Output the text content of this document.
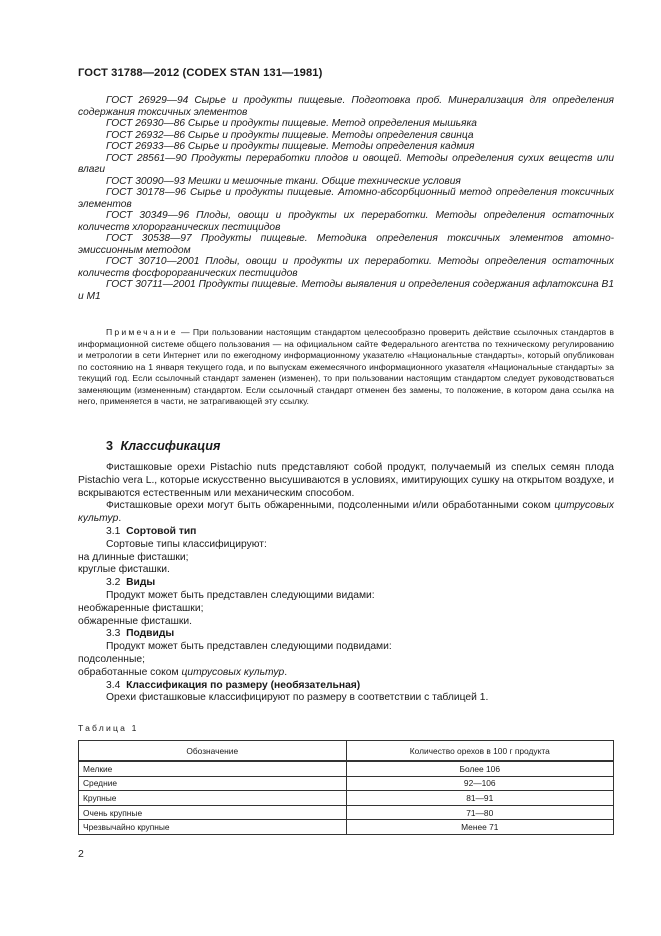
ГОСТ 31788—2012 (CODEX STAN 131—1981)
ГОСТ 26929—94 Сырье и продукты пищевые. Подготовка проб. Минерализация для определения содержания токсичных элементов
ГОСТ 26930—86 Сырье и продукты пищевые. Метод определения мышьяка
ГОСТ 26932—86 Сырье и продукты пищевые. Методы определения свинца
ГОСТ 26933—86 Сырье и продукты пищевые. Методы определения кадмия
ГОСТ 28561—90 Продукты переработки плодов и овощей. Методы определения сухих веществ или влаги
ГОСТ 30090—93 Мешки и мешочные ткани. Общие технические условия
ГОСТ 30178—96 Сырье и продукты пищевые. Атомно-абсорбционный метод определения токсичных элементов
ГОСТ 30349—96 Плоды, овощи и продукты их переработки. Методы определения остаточных количеств хлорорганических пестицидов
ГОСТ 30538—97 Продукты пищевые. Методика определения токсичных элементов атомно-эмиссионным методом
ГОСТ 30710—2001 Плоды, овощи и продукты их переработки. Методы определения остаточных количеств фосфорорганических пестицидов
ГОСТ 30711—2001 Продукты пищевые. Методы выявления и определения содержания афлатоксина В1 и М1
Примечание — При пользовании настоящим стандартом целесообразно проверить действие ссылочных стандартов в информационной системе общего пользования — на официальном сайте Федерального агентства по техническому регулированию и метрологии в сети Интернет или по ежегодному информационному указателю «Национальные стандарты», который опубликован по состоянию на 1 января текущего года, и по выпускам ежемесячного информационного указателя «Национальные стандарты» за текущий год. Если ссылочный стандарт заменен (изменен), то при пользовании настоящим стандартом следует руководствоваться заменяющим (измененным) стандартом. Если ссылочный стандарт отменен без замены, то положение, в котором дана ссылка на него, применяется в части, не затрагивающей эту ссылку.
3 Классификация
Фисташковые орехи Pistachio nuts представляют собой продукт, получаемый из спелых семян плода Pistachio vera L., которые искусственно высушиваются в условиях, имитирующих сушку на открытом воздухе, и вскрываются естественным или механическим способом.
Фисташковые орехи могут быть обжаренными, подсоленными и/или обработанными соком цитрусовых культур.
3.1 Сортовой тип
Сортовые типы классифицируют:
на длинные фисташки;
круглые фисташки.
3.2 Виды
Продукт может быть представлен следующими видами:
необжаренные фисташки;
обжаренные фисташки.
3.3 Подвиды
Продукт может быть представлен следующими подвидами:
подсоленные;
обработанные соком цитрусовых культур.
3.4 Классификация по размеру (необязательная)
Орехи фисташковые классифицируют по размеру в соответствии с таблицей 1.
Таблица 1
Обозначение	Количество орехов в 100 г продукта
Мелкие	Более 106
Средние	92—106
Крупные	81—91
Очень крупные	71—80
Чрезвычайно крупные	Менее 71
2
